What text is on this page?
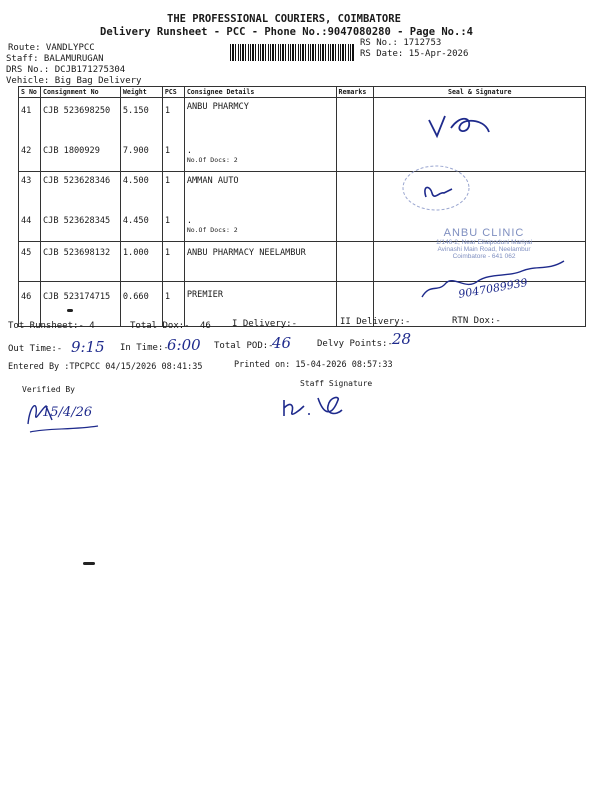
THE PROFESSIONAL COURIERS, COIMBATORE
Delivery Runsheet - PCC - Phone No.:9047080280 - Page No.:4
Route: VANDLYPCC
Staff: BALAMURUGAN
DRS No.: DCJB171275304
Vehicle: Big Bag Delivery
RS No.: 1712753
RS Date: 15-Apr-2026
S No	Consignment No	Weight	PCS	Consignee Details	Remarks	Seal & Signature
41	CJB 523698250	5.150	1	ANBU PHARMCY		
42	CJB 1800929	7.900	1	.
No.Of Docs: 2		

43	CJB 523628346	4.500	1	AMMAN AUTO		
44	CJB 523628345	4.450	1	.
No.Of Docs: 2		

45	CJB 523698132	1.000	1	ANBU PHARMACY NEELAMBUR		
46	CJB 523174715	0.660	1	PREMIER		
ANBU CLINIC
1/146-2, Near Ellaipoduni Mariyai
Avinashi Main Road, Neelambur
Coimbatore - 641 062
9047089939
Tot Runsheet:- 4	Total Dox:- 46 I Delivery:-	II Delivery:-	RTN Dox:-
Out Time:- 9:15 In Time:-
6:00 Total POD:-
46	Delvy Points:- 28
Entered By :TPCPCC 04/15/2026 08:41:35	Printed on: 15-04-2026 08:57:33
Verified By
Staff Signature
15/4/26
